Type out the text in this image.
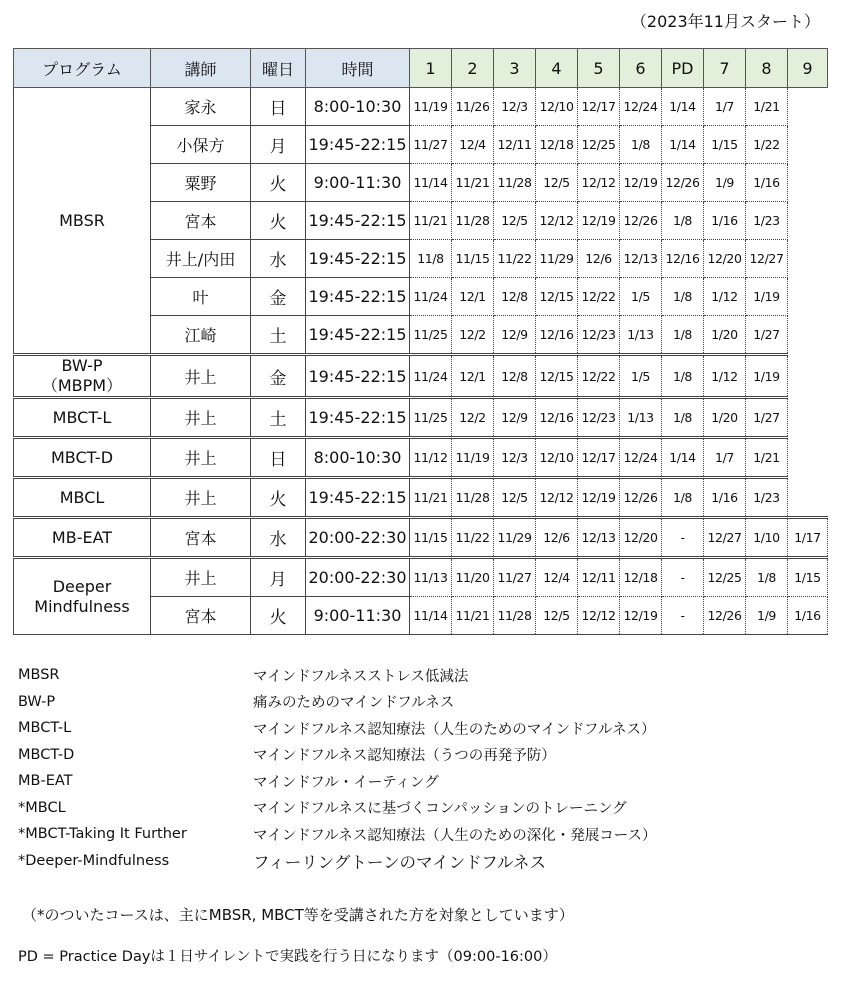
（2023年11月スタート）
プログラム	講師	曜日	時間	1	2	3	4	5	6	PD	7	8	9

MBSR	家永	日	8:00-10:30	11/19	11/26	12/3	12/10	12/17	12/24	1/14	1/7	1/21	
	小保方	月	19:45-22:15	11/27	12/4	12/11	12/18	12/25	1/8	1/14	1/15	1/22	
	粟野	火	9:00-11:30	11/14	11/21	11/28	12/5	12/12	12/19	12/26	1/9	1/16	
	宮本	火	19:45-22:15	11/21	11/28	12/5	12/12	12/19	12/26	1/8	1/16	1/23	
	井上/内田	水	19:45-22:15	11/8	11/15	11/22	11/29	12/6	12/13	12/16	12/20	12/27	
	叶	金	19:45-22:15	11/24	12/1	12/8	12/15	12/22	1/5	1/8	1/12	1/19	
	江崎	土	19:45-22:15	11/25	12/2	12/9	12/16	12/23	1/13	1/8	1/20	1/27	

BW-P
（MBPM）	井上	金	19:45-22:15	11/24	12/1	12/8	12/15	12/22	1/5	1/8	1/12	1/19	

MBCT-L	井上	土	19:45-22:15	11/25	12/2	12/9	12/16	12/23	1/13	1/8	1/20	1/27	

MBCT-D	井上	日	8:00-10:30	11/12	11/19	12/3	12/10	12/17	12/24	1/14	1/7	1/21	

MBCL	井上	火	19:45-22:15	11/21	11/28	12/5	12/12	12/19	12/26	1/8	1/16	1/23	

MB-EAT	宮本	水	20:00-22:30	11/15	11/22	11/29	12/6	12/13	12/20	-	12/27	1/10	1/17

Deeper
Mindfulness	井上	月	20:00-22:30	11/13	11/20	11/27	12/4	12/11	12/18	-	12/25	1/8	1/15
	宮本	火	9:00-11:30	11/14	11/21	11/28	12/5	12/12	12/19	-	12/26	1/9	1/16
MBSR	マインドフルネスストレス低減法
BW-P	痛みのためのマインドフルネス
MBCT-L	マインドフルネス認知療法（人生のためのマインドフルネス）
MBCT-D	マインドフルネス認知療法（うつの再発予防）
MB-EAT	マインドフル・イーティング
*MBCL	マインドフルネスに基づくコンパッションのトレーニング
*MBCT-Taking It Further	マインドフルネス認知療法（人生のための深化・発展コース）
*Deeper-Mindfulness	フィーリングトーンのマインドフルネス
（*のついたコースは、主にMBSR, MBCT等を受講された方を対象としています）
PD = Practice Dayは１日サイレントで実践を行う日になります（09:00-16:00）
